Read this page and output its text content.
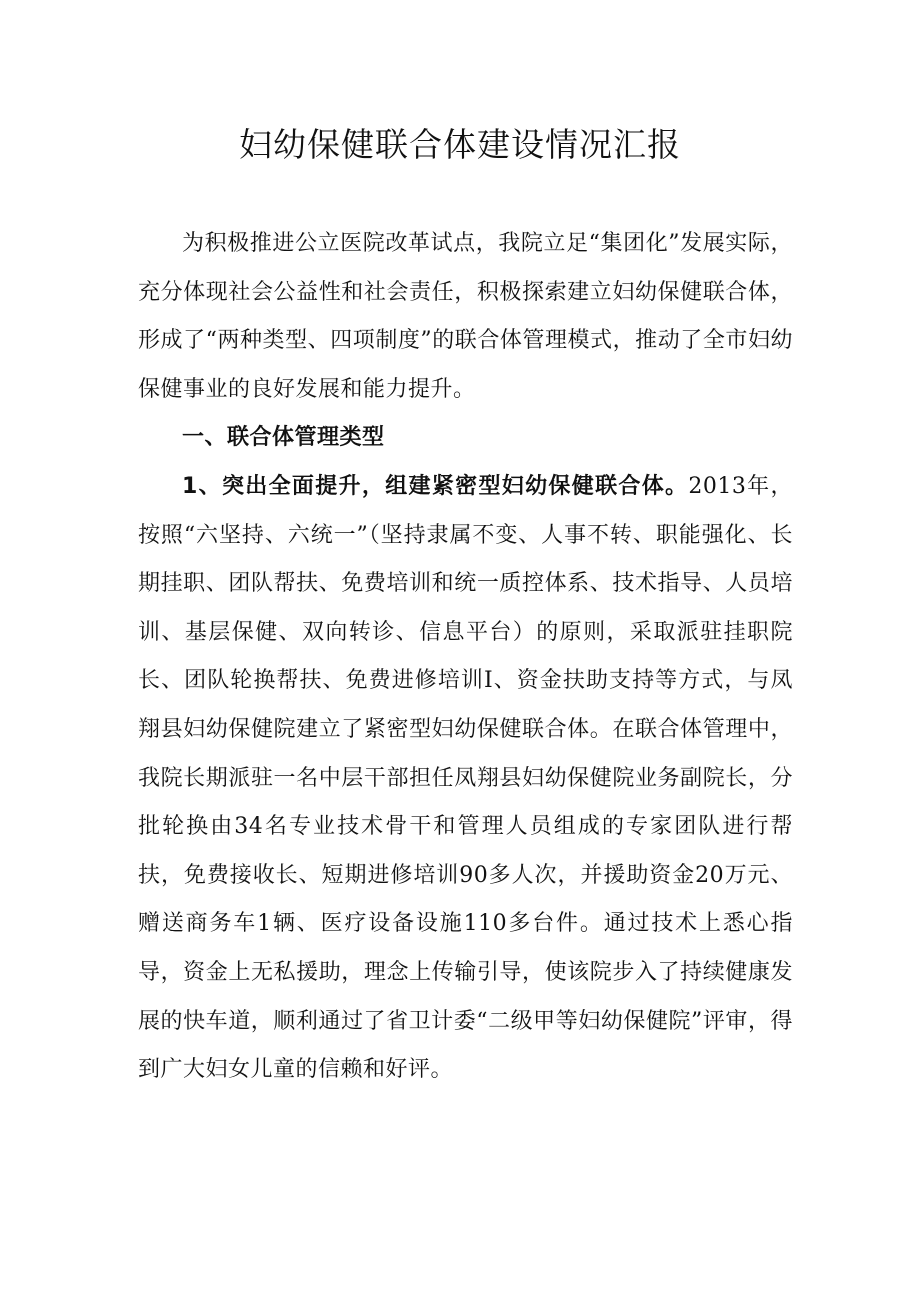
妇幼保健联合体建设情况汇报

为积极推进公立医院改革试点，我院立足“集团化”发展实际，充分体现社会公益性和社会责任，积极探索建立妇幼保健联合体，形成了“两种类型、四项制度”的联合体管理模式，推动了全市妇幼保健事业的良好发展和能力提升。

一、联合体管理类型

1、突出全面提升，组建紧密型妇幼保健联合体。2013年，按照“六坚持、六统一”（坚持隶属不变、人事不转、职能强化、长期挂职、团队帮扶、免费培训和统一质控体系、技术指导、人员培训、基层保健、双向转诊、信息平台）的原则，采取派驻挂职院长、团队轮换帮扶、免费进修培训I、资金扶助支持等方式，与凤翔县妇幼保健院建立了紧密型妇幼保健联合体。在联合体管理中，我院长期派驻一名中层干部担任凤翔县妇幼保健院业务副院长，分批轮换由34名专业技术骨干和管理人员组成的专家团队进行帮扶，免费接收长、短期进修培训90多人次，并援助资金20万元、赠送商务车1辆、医疗设备设施110多台件。通过技术上悉心指导，资金上无私援助，理念上传输引导，使该院步入了持续健康发展的快车道，顺利通过了省卫计委“二级甲等妇幼保健院”评审，得到广大妇女儿童的信赖和好评。
